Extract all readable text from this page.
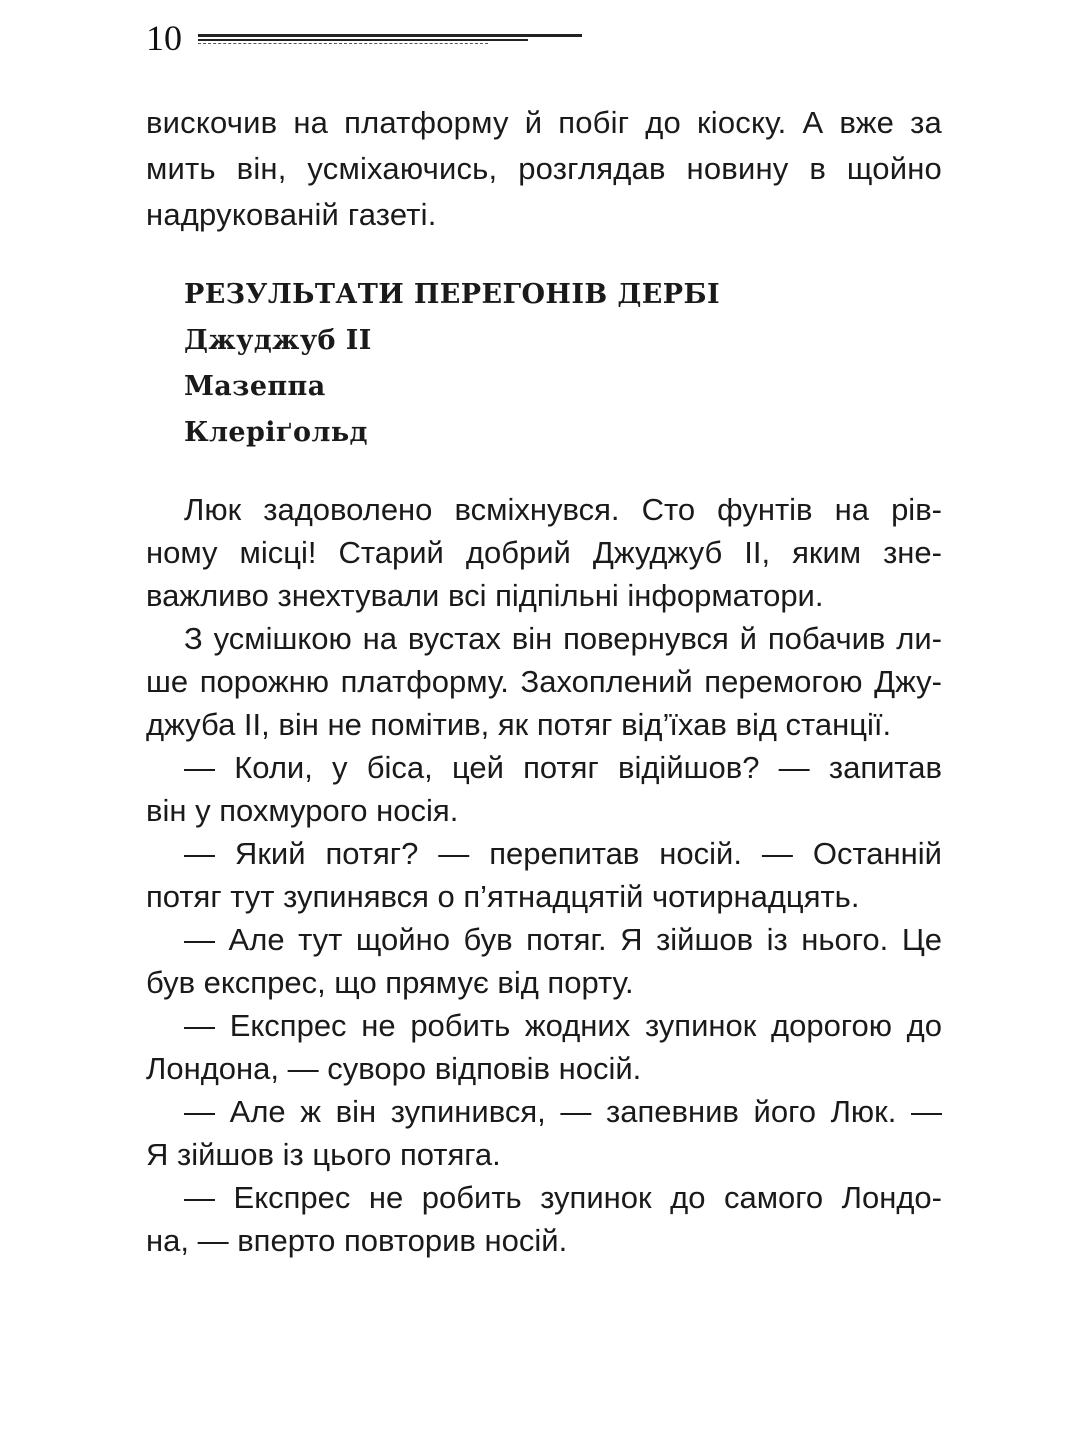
10
вискочив на платформу й побіг до кіоску. А вже за
мить він, усміхаючись, розглядав новину в щойно
надрукованій газеті.
РЕЗУЛЬТАТИ ПЕРЕГОНІВ ДЕРБІ
Джуджуб II
Мазеппа
Клеріґольд
Люк задоволено всміхнувся. Сто фунтів на рів-
ному місці! Старий добрий Джуджуб II, яким зне-
важливо знехтували всі підпільні інформатори.
З усмішкою на вустах він повернувся й побачив ли-
ше порожню платформу. Захоплений перемогою Джу-
джуба II, він не помітив, як потяг від’їхав від станції.
— Коли, у біса, цей потяг відійшов? — запитав
він у похмурого носія.
— Який потяг? — перепитав носій. — Останній
потяг тут зупинявся о п’ятнадцятій чотирнадцять.
— Але тут щойно був потяг. Я зійшов із нього. Це
був експрес, що прямує від порту.
— Експрес не робить жодних зупинок дорогою до
Лондона, — суворо відповів носій.
— Але ж він зупинився, — запевнив його Люк. —
Я зійшов із цього потяга.
— Експрес не робить зупинок до самого Лондо-
на, — вперто повторив носій.
